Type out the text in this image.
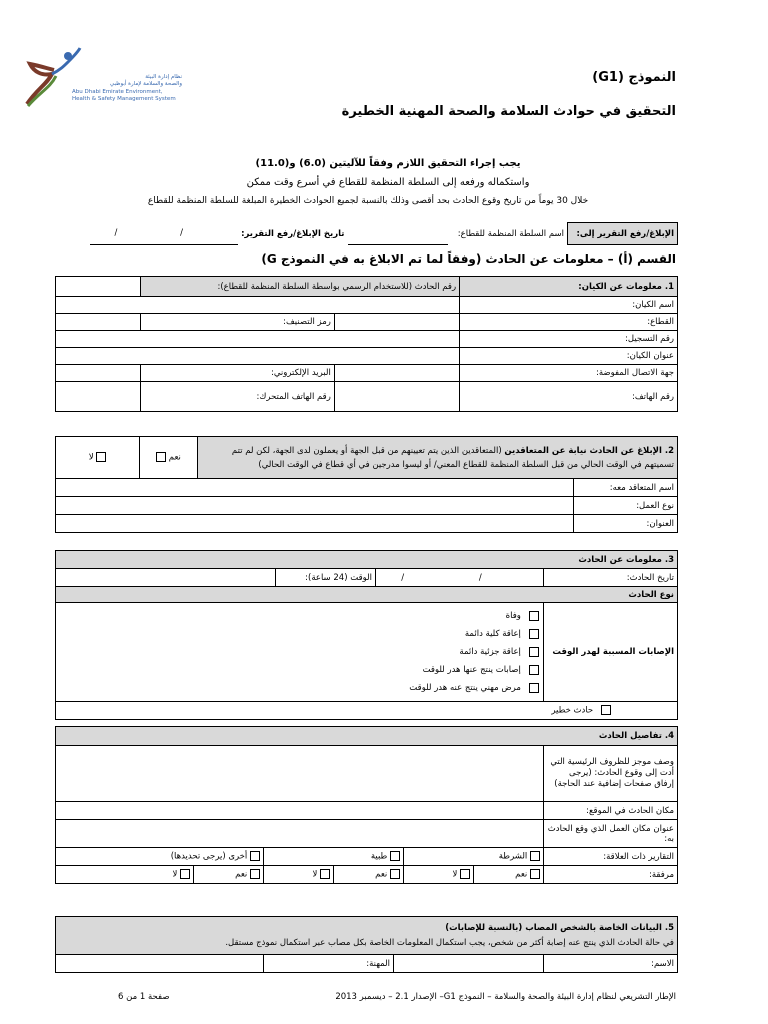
نظام إدارة البيئة
والصحة والسلامة لإمارة أبوظبي
Abu Dhabi Emirate Environment,
Health & Safety Management System
النموذج (G1)
التحقيق في حوادث السلامة والصحة المهنية الخطيرة
يجب إجراء التحقيق اللازم وفقاً للآليتين (6.0) و(11.0)
واستكماله ورفعه إلى السلطة المنظمة للقطاع في أسرع وقت ممكن
خلال 30 يوماً من تاريخ وقوع الحادث بحد أقصى وذلك بالنسبة لجميع الحوادث الخطيرة المبلغة للسلطة المنظمة للقطاع
الإبلاغ/رفع التقرير إلى:	اسم السلطة المنظمة للقطاع:		تاريخ الإبلاغ/رفع التقرير:	/ /
القسم (أ) – معلومات عن الحادث (وفقاً لما تم الابلاغ به في النموذج G)
1. معلومات عن الكيان:	رقم الحادث (للاستخدام الرسمي بواسطة السلطة المنظمة للقطاع):		
اسم الكيان:			
القطاع:		رمز التصنيف:	
رقم التسجيل:			
عنوان الكيان:			
جهة الاتصال المفوضة:		البريد الإلكتروني:	
رقم الهاتف:		رقم الهاتف المتحرك:	
2. الإبلاغ عن الحادث نيابة عن المتعاقدين (المتعاقدين الذين يتم تعيينهم من قبل الجهة أو يعملون لدى الجهة، لكن لم تتم
تسميتهم في الوقت الحالي من قبل السلطة المنظمة للقطاع المعني/ أو ليسوا مدرجين في أي قطاع في الوقت الحالي)	نعم	لا
اسم المتعاقد معه:	
نوع العمل:	
العنوان:	
3. معلومات عن الحادث			
تاريخ الحادث:	/ /	الوقت (24 ساعة):	
نوع الحادث			
الإصابات المسببة لهدر الوقت	وفاة
إعاقة كلية دائمة
إعاقة جزئية دائمة
إصابات ينتج عنها هدر للوقت
مرض مهني ينتج عنه هدر للوقت		

حادث خطير			
4. تفاصيل الحادث						
وصف موجز للظروف الرئيسية التي أدت إلى وقوع الحادث: (يرجى إرفاق صفحات إضافية عند الحاجة)						
مكان الحادث في الموقع:						
عنوان مكان العمل الذي وقع الحادث به:						
التقارير ذات العلاقة:	الشرطة		طبية		أخرى (يرجى تحديدها)	
مرفقة:	نعم	لا	نعم	لا	نعم	لا
5. البيانات الخاصة بالشخص المصاب (بالنسبة للإصابات)
في حالة الحادث الذي ينتج عنه إصابة أكثر من شخص، يجب استكمال المعلومات الخاصة بكل مصاب عبر استكمال نموذج مستقل.

الاسم:		المهنة:	
صفحة 1 من 6	الإطار التشريعي لنظام إدارة البيئة والصحة والسلامة – النموذج G1– الإصدار 2.1 – ديسمبر 2013
